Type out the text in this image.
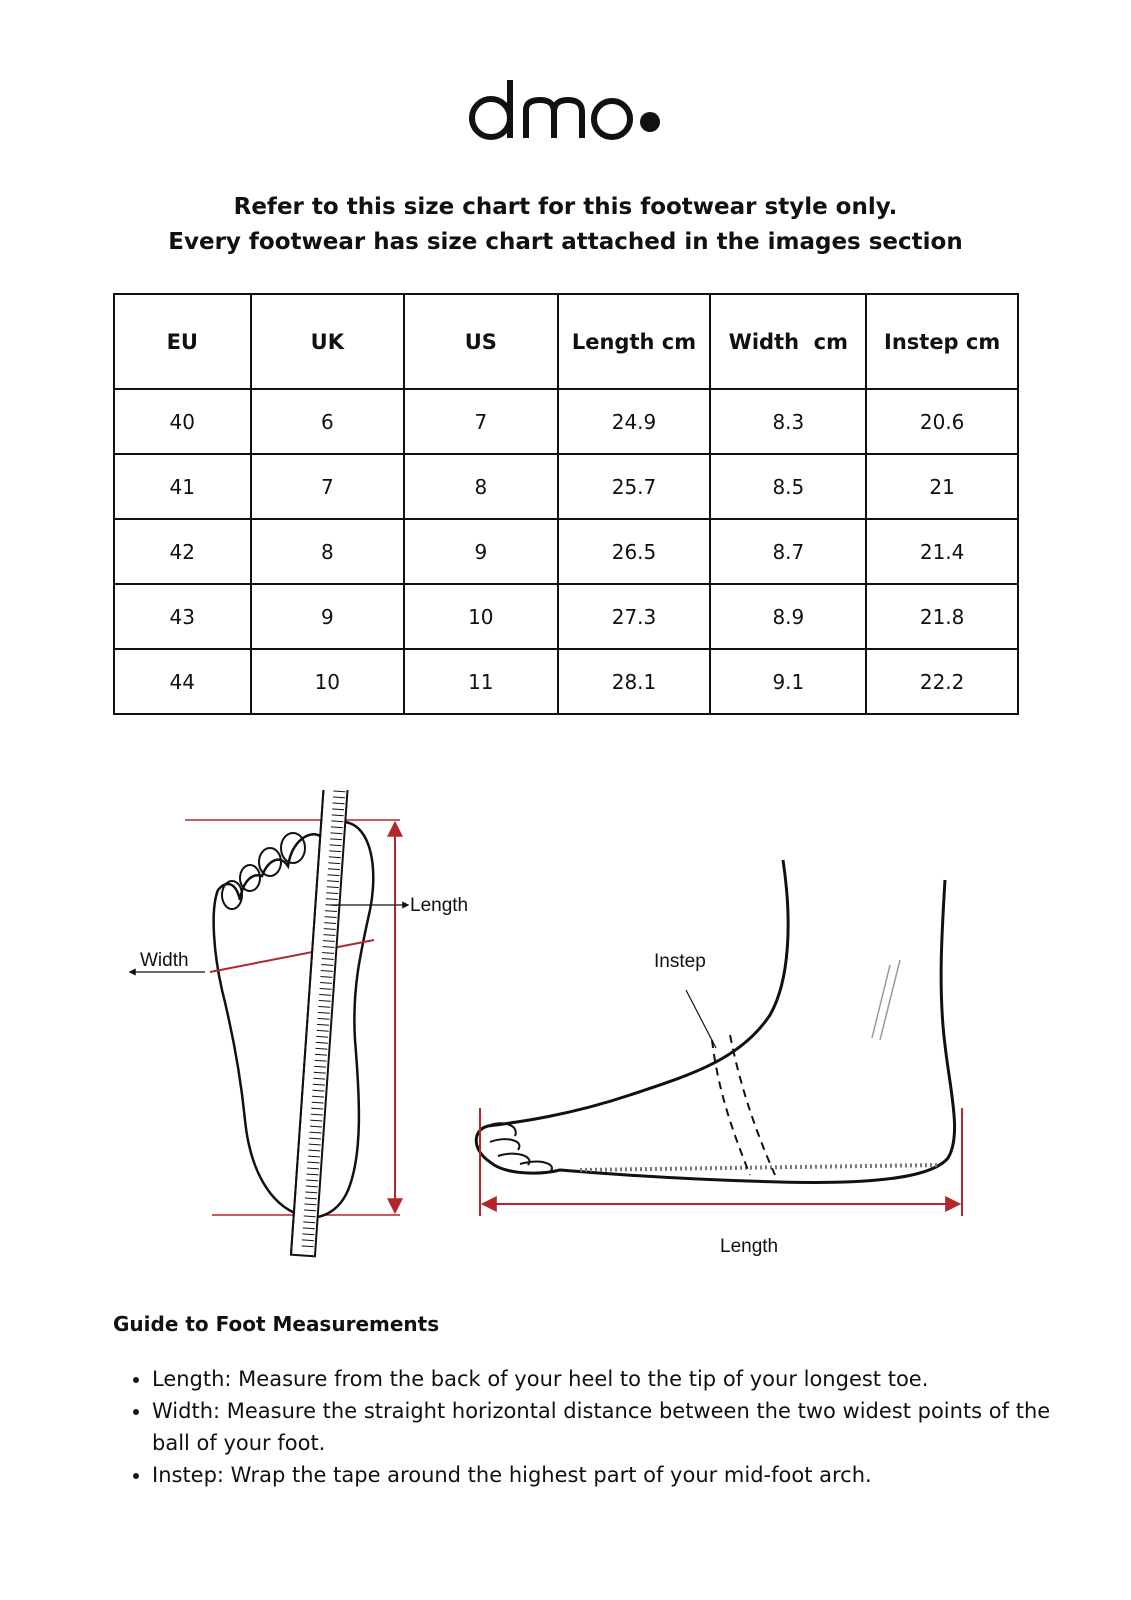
Refer to this size chart for this footwear style only.
Every footwear has size chart attached in the images section
EU	UK	US	Length cm	Width  cm	Instep cm
40	6	7	24.9	8.3	20.6
41	7	8	25.7	8.5	21
42	8	9	26.5	8.7	21.4
43	9	10	27.3	8.9	21.8
44	10	11	28.1	9.1	22.2
Length
Width	Instep
Length
Guide to Foot Measurements
• Length: Measure from the back of your heel to the tip of your longest toe.
• Width: Measure the straight horizontal distance between the two widest points of the ball of your foot.
• Instep: Wrap the tape around the highest part of your mid-foot arch.
